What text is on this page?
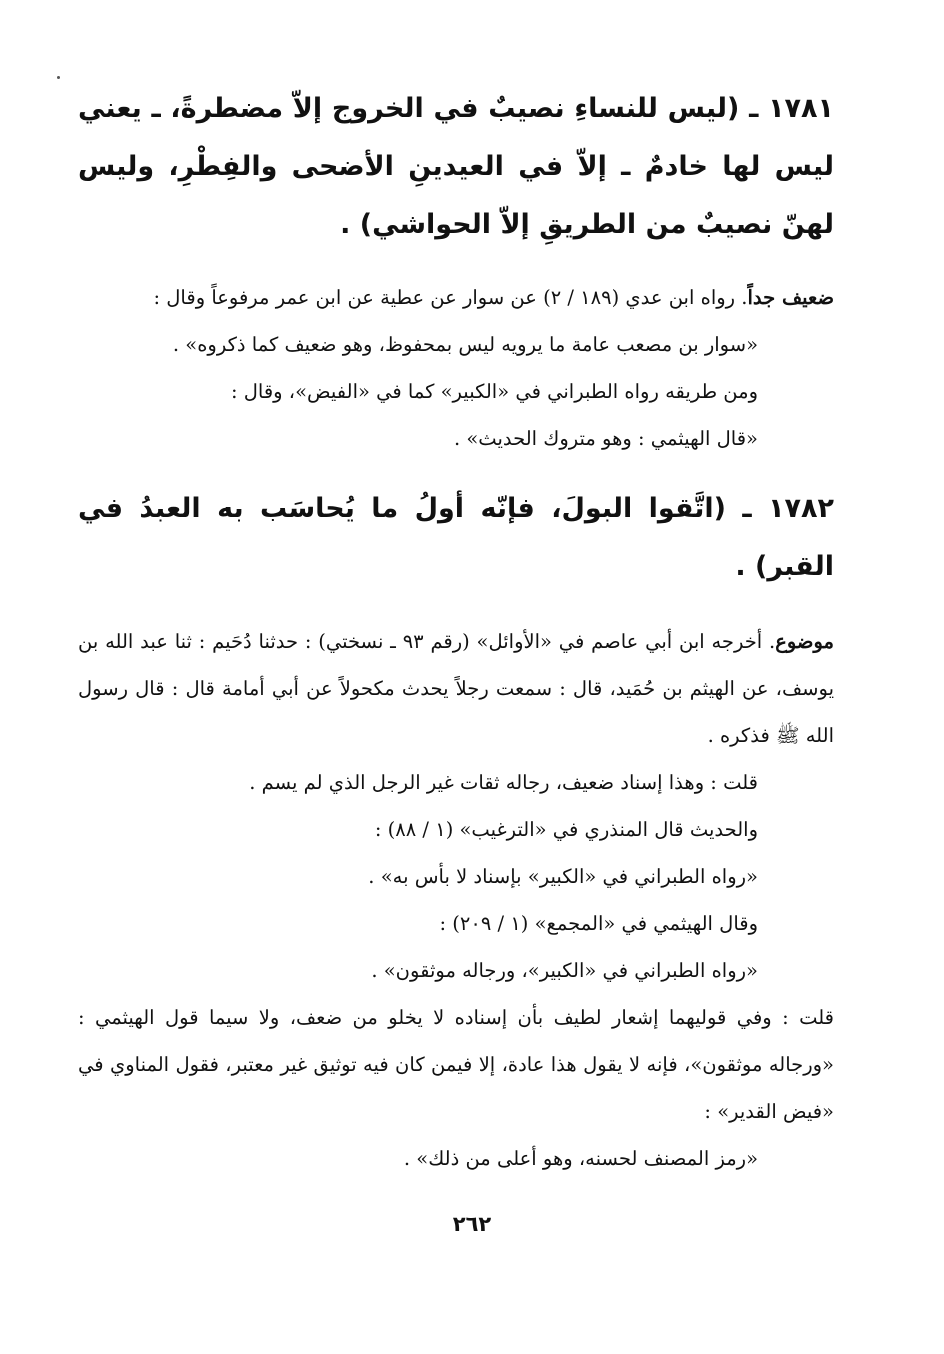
١٧٨١ ـ (ليس للنساءِ نصيبٌ في الخروج إلاّ مضطرةً، ـ يعني ليس لها خادمٌ ـ إلاّ في العيدينِ الأضحى والفِطْرِ، وليس لهنّ نصيبٌ من الطريقِ إلاّ الحواشي) .

ضعيف جداً. رواه ابن عدي (١٨٩ / ٢) عن سوار عن عطية عن ابن عمر مرفوعاً وقال :

«سوار بن مصعب عامة ما يرويه ليس بمحفوظ، وهو ضعيف كما ذكروه» .

ومن طريقه رواه الطبراني في «الكبير» كما في «الفيض»، وقال :

«قال الهيثمي : وهو متروك الحديث» .

١٧٨٢ ـ (اتَّقوا البولَ، فإنّه أولُ ما يُحاسَب به العبدُ في القبر) .

موضوع. أخرجه ابن أبي عاصم في «الأوائل» (رقم ٩٣ ـ نسختي) : حدثنا دُحَيم : ثنا عبد الله بن يوسف، عن الهيثم بن حُمَيد، قال : سمعت رجلاً يحدث مكحولاً عن أبي أمامة قال : قال رسول الله ﷺ فذكره .

قلت : وهذا إسناد ضعيف، رجاله ثقات غير الرجل الذي لم يسم .

والحديث قال المنذري في «الترغيب» (١ / ٨٨) :

«رواه الطبراني في «الكبير» بإسناد لا بأس به» .

وقال الهيثمي في «المجمع» (١ / ٢٠٩) :

«رواه الطبراني في «الكبير»، ورجاله موثقون» .

قلت : وفي قوليهما إشعار لطيف بأن إسناده لا يخلو من ضعف، ولا سيما قول الهيثمي : «ورجاله موثقون»، فإنه لا يقول هذا عادة، إلا فيمن كان فيه توثيق غير معتبر، فقول المناوي في «فيض القدير» :

«رمز المصنف لحسنه، وهو أعلى من ذلك» .

٢٦٢
